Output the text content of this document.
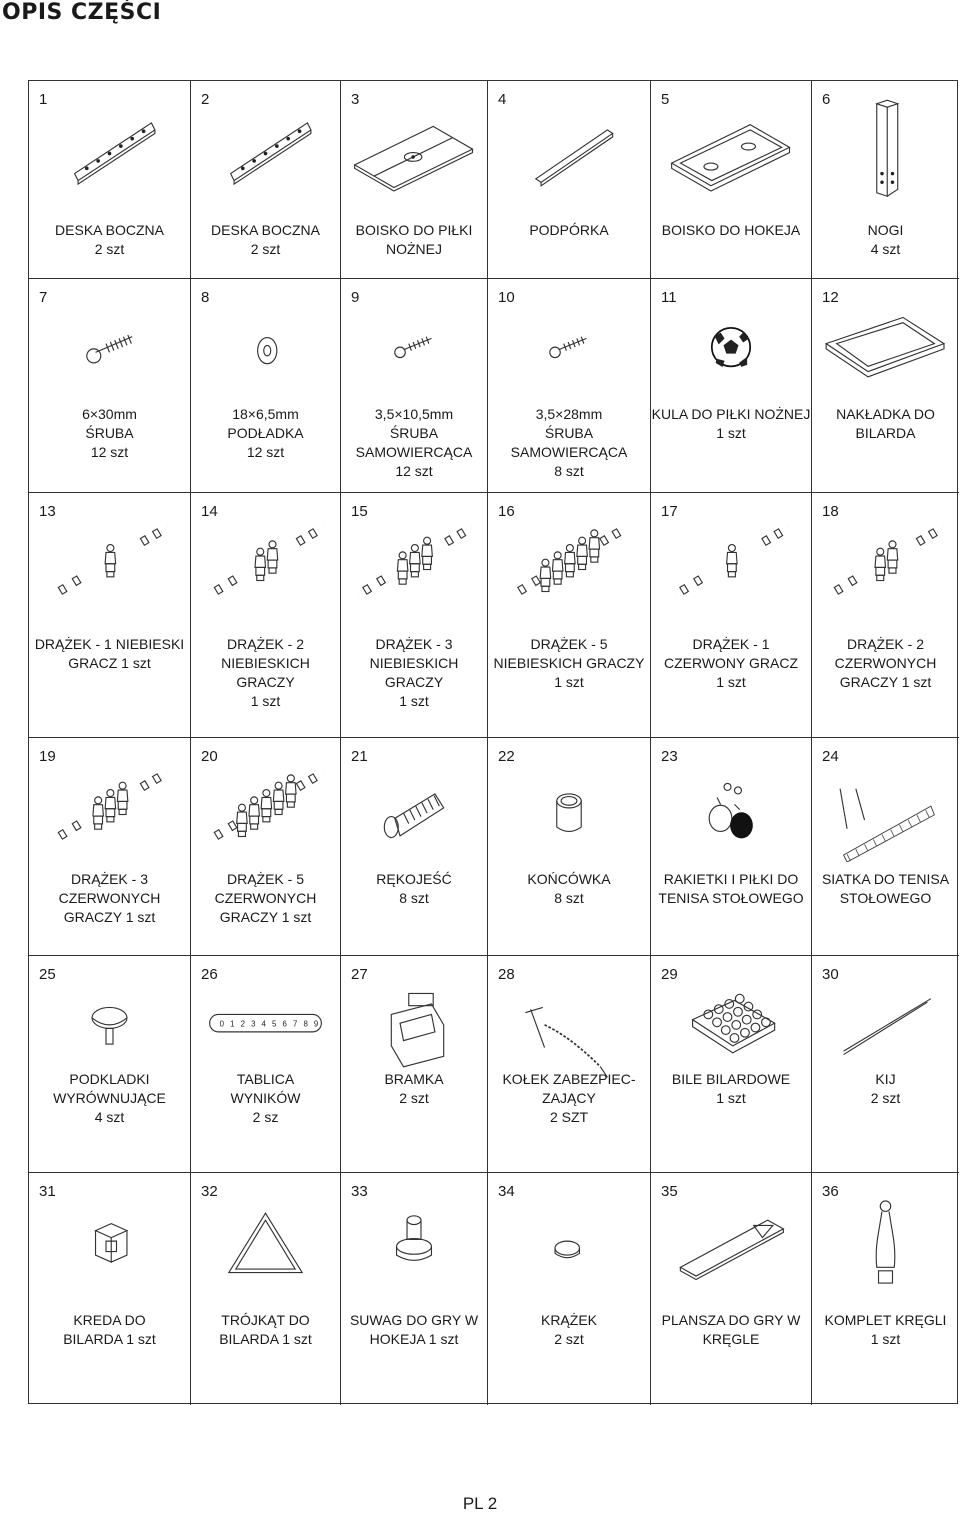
OPIS CZĘŚCI
1
DESKA BOCZNA
2 szt
2
DESKA BOCZNA
2 szt
3
BOISKO DO PIŁKI
NOŻNEJ
4
PODPÓRKA
5
BOISKO DO HOKEJA
6
NOGI
4 szt
7
6×30mm
ŚRUBA
12 szt
8
18×6,5mm
PODŁADKA
12 szt
9
3,5×10,5mm
ŚRUBA SAMOWIERCĄCA
12 szt
10
3,5×28mm
ŚRUBA SAMOWIERCĄCA
8 szt
11
KULA DO PIŁKI NOŻNEJ
1 szt
12
NAKŁADKA DO
BILARDA
13
DRĄŻEK - 1 NIEBIESKI
GRACZ 1 szt
14
DRĄŻEK - 2
NIEBIESKICH GRACZY
1 szt
15
DRĄŻEK - 3
NIEBIESKICH GRACZY
1 szt
16
DRĄŻEK - 5
NIEBIESKICH GRACZY
1 szt
17
DRĄŻEK - 1
CZERWONY GRACZ
1 szt
18
DRĄŻEK - 2
CZERWONYCH
GRACZY 1 szt
19
DRĄŻEK - 3
CZERWONYCH
GRACZY 1 szt
20
DRĄŻEK - 5
CZERWONYCH
GRACZY 1 szt
21
RĘKOJEŚĆ
8 szt
22
KOŃCÓWKA
8 szt
23
RAKIETKI I PIŁKI DO
TENISA STOŁOWEGO
24
SIATKA DO TENISA
STOŁOWEGO
25
PODKLADKI
WYRÓWNUJĄCE
4 szt
26
0 1 2 3 4 5 6 7 8 9
TABLICA
WYNIKÓW
2 sz
27
BRAMKA
2 szt
28
KOŁEK ZABEZPIEC-
ZAJĄCY
2 SZT
29
BILE BILARDOWE
1 szt
30
KIJ
2 szt
31
KREDA DO
BILARDA 1 szt
32
TRÓJKĄT DO
BILARDA 1 szt
33
SUWAG DO GRY W
HOKEJA 1 szt
34
KRĄŻEK
2 szt
35
PLANSZA DO GRY W
KRĘGLE
36
KOMPLET KRĘGLI
1 szt
PL 2
